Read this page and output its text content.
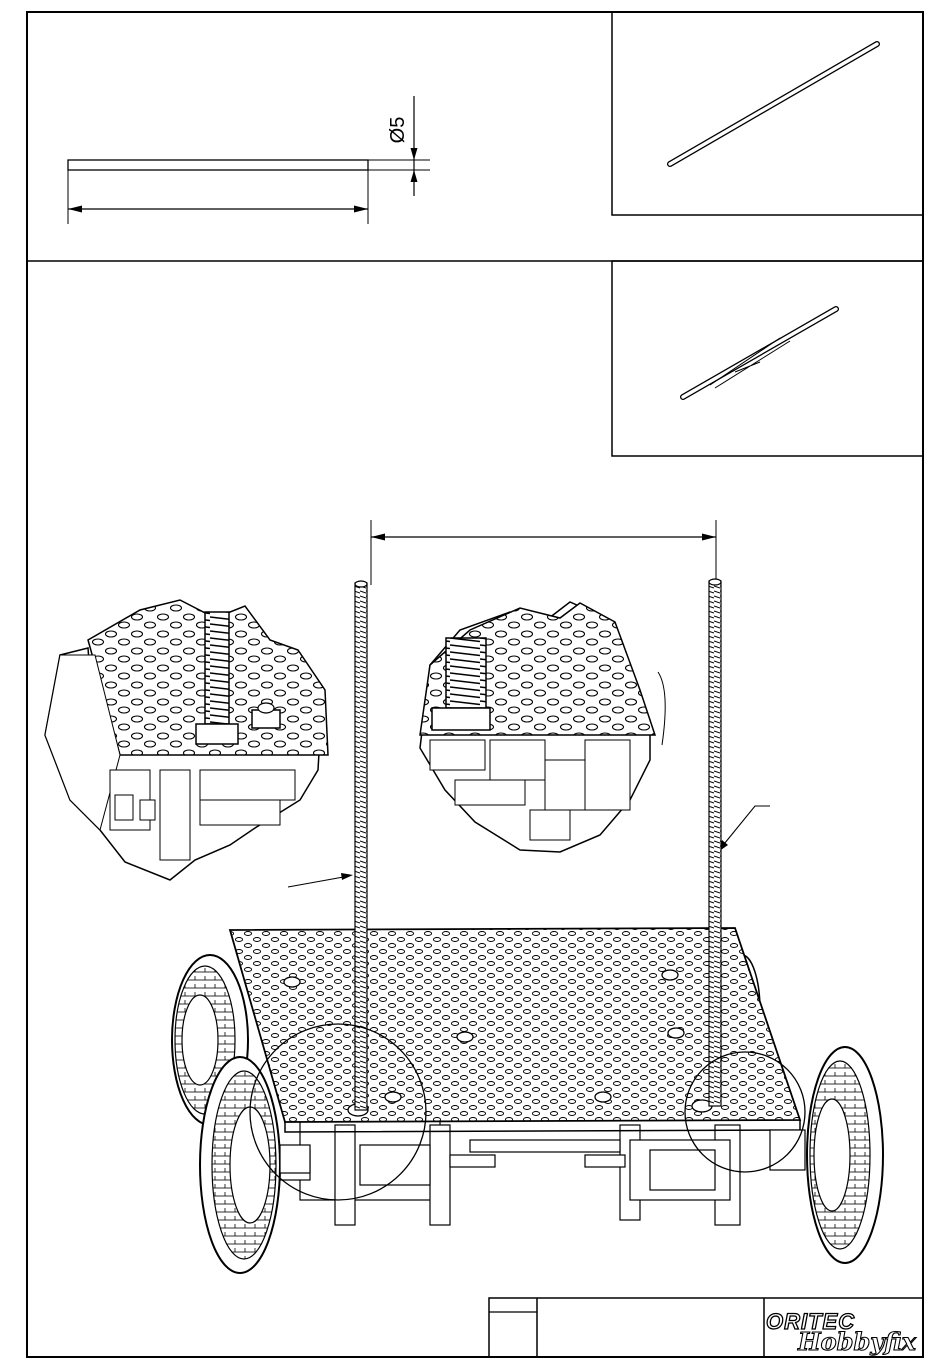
Ø5
ORITEC
Hobbyfix
